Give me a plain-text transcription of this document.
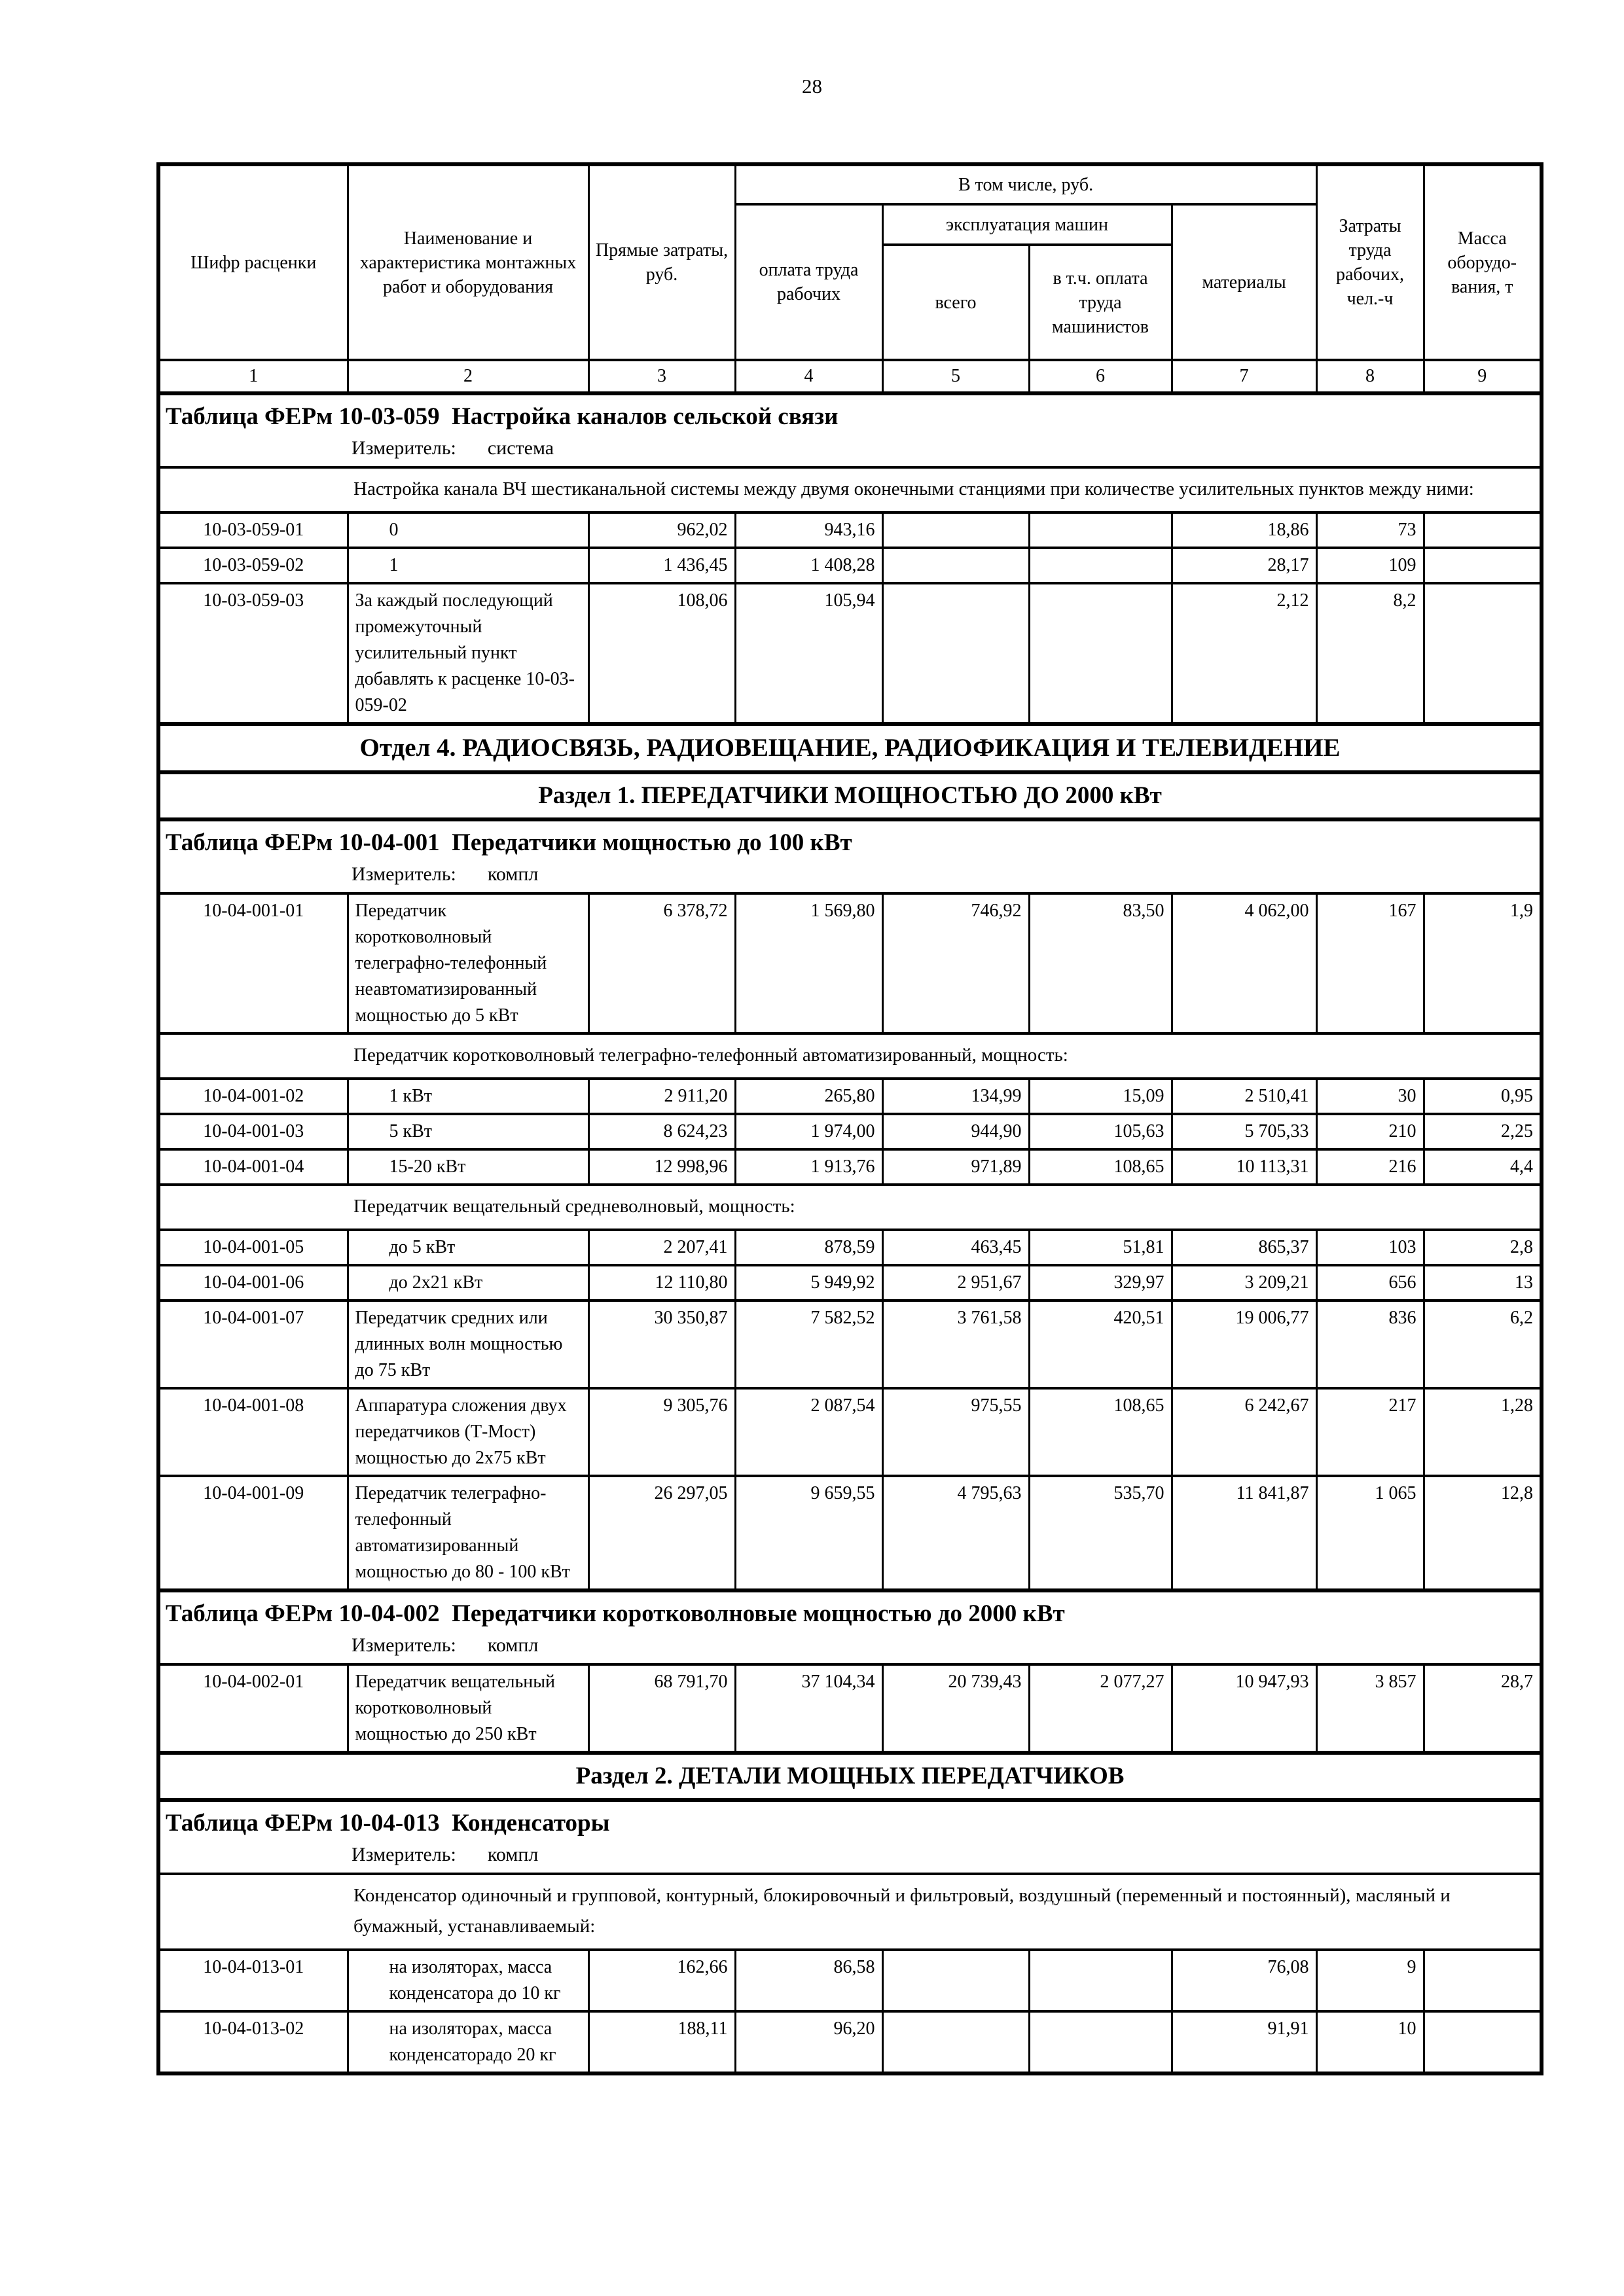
28
Шифр расценки	Наименование и характеристика монтажных работ и оборудования	Прямые затраты, руб.	В том числе, руб.				Затраты труда рабочих, чел.-ч	Масса оборудо-вания, т
			оплата труда рабочих	эксплуатация машин		материалы		
				всего	в т.ч. оплата труда машинистов			
1	2	3	4	5	6	7	8	9

Таблица ФЕРм 10-03-059  Настройка каналов сельской связи
Измеритель: система								

Настройка канала ВЧ шестиканальной системы между двумя оконечными станциями при количестве усилительных пунктов между ними:								
10-03-059-01	0	962,02	943,16			18,86	73	
10-03-059-02	1	1 436,45	1 408,28			28,17	109	
10-03-059-03	За каждый последующий промежуточный усилительный пункт добавлять к расценке 10-03-059-02	108,06	105,94			2,12	8,2	
Отдел 4. РАДИОСВЯЗЬ, РАДИОВЕЩАНИЕ, РАДИОФИКАЦИЯ И ТЕЛЕВИДЕНИЕ								
Раздел 1. ПЕРЕДАТЧИКИ МОЩНОСТЬЮ ДО 2000 кВт								

Таблица ФЕРм 10-04-001  Передатчики мощностью до 100 кВт
Измеритель: компл								

10-04-001-01	Передатчик коротковолновый телеграфно-телефонный неавтоматизированный мощностью до 5 кВт	6 378,72	1 569,80	746,92	83,50	4 062,00	167	1,9
Передатчик коротковолновый телеграфно-телефонный автоматизированный, мощность:								
10-04-001-02	1 кВт	2 911,20	265,80	134,99	15,09	2 510,41	30	0,95
10-04-001-03	5 кВт	8 624,23	1 974,00	944,90	105,63	5 705,33	210	2,25
10-04-001-04	15-20 кВт	12 998,96	1 913,76	971,89	108,65	10 113,31	216	4,4
Передатчик вещательный средневолновый, мощность:								
10-04-001-05	до 5 кВт	2 207,41	878,59	463,45	51,81	865,37	103	2,8
10-04-001-06	до 2х21 кВт	12 110,80	5 949,92	2 951,67	329,97	3 209,21	656	13
10-04-001-07	Передатчик средних или длинных волн мощностью до 75 кВт	30 350,87	7 582,52	3 761,58	420,51	19 006,77	836	6,2
10-04-001-08	Аппаратура сложения двух передатчиков (Т-Мост) мощностью до 2х75 кВт	9 305,76	2 087,54	975,55	108,65	6 242,67	217	1,28
10-04-001-09	Передатчик телеграфно-телефонный автоматизированный мощностью до 80 - 100 кВт	26 297,05	9 659,55	4 795,63	535,70	11 841,87	1 065	12,8

Таблица ФЕРм 10-04-002  Передатчики коротковолновые мощностью до 2000 кВт
Измеритель: компл								

10-04-002-01	Передатчик вещательный коротковолновый мощностью до 250 кВт	68 791,70	37 104,34	20 739,43	2 077,27	10 947,93	3 857	28,7
Раздел 2. ДЕТАЛИ МОЩНЫХ ПЕРЕДАТЧИКОВ								

Таблица ФЕРм 10-04-013  Конденсаторы
Измеритель: компл								

Конденсатор одиночный и групповой, контурный, блокировочный и фильтровый, воздушный (переменный и постоянный), масляный и бумажный, устанавливаемый:								
10-04-013-01	на изоляторах, масса конденсатора до 10 кг	162,66	86,58			76,08	9	
10-04-013-02	на изоляторах, масса конденсаторадо 20 кг	188,11	96,20			91,91	10	
